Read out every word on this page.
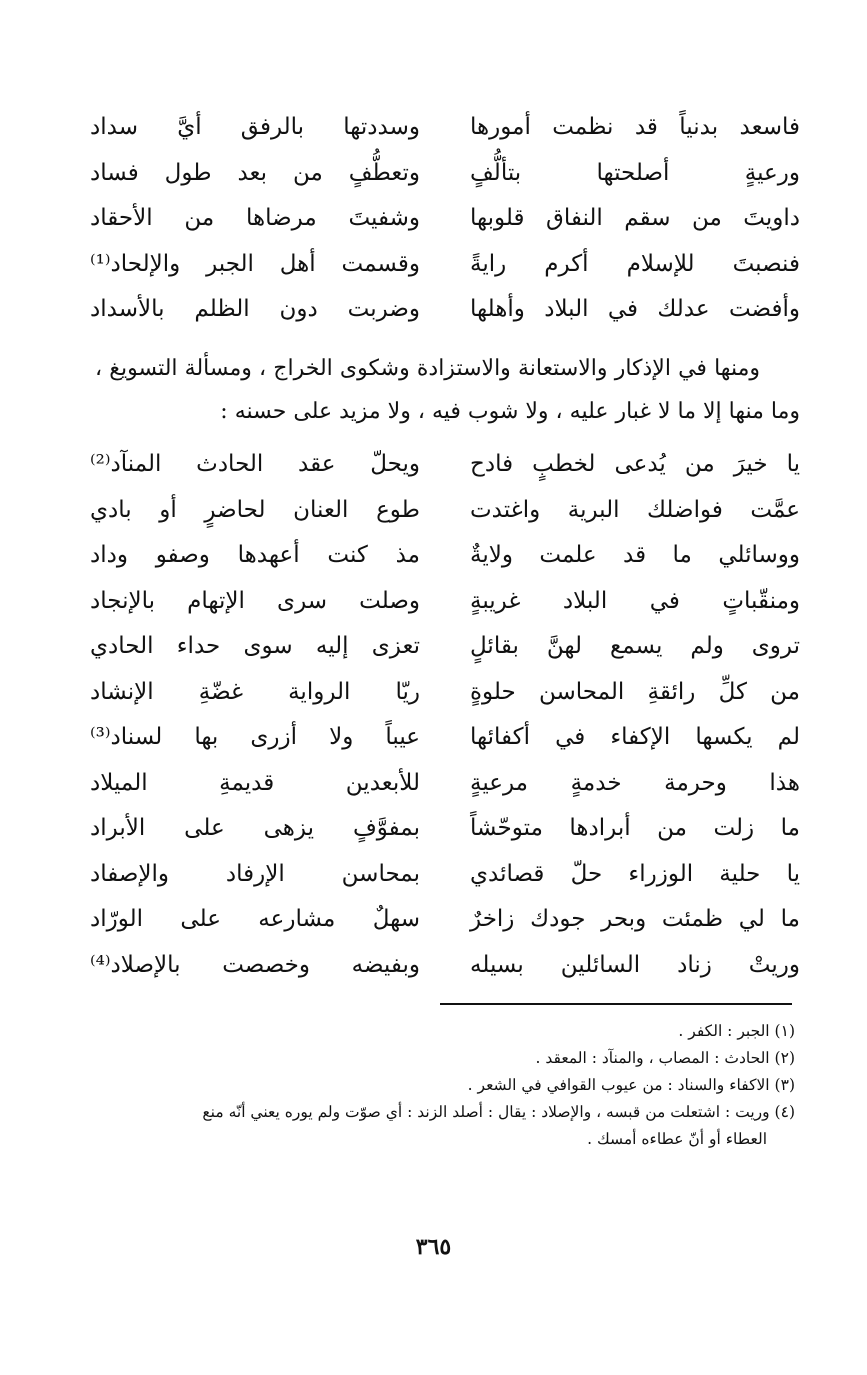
فاسعد بدنياً قد نظمت أمورها
وسددتها بالرفق أيَّ سداد
ورعيةٍ أصلحتها بتألُّفٍ
وتعطُّفٍ من بعد طول فساد
داويتَ من سقم النفاق قلوبها
وشفيتَ مرضاها من الأحقاد
فنصبتَ للإسلام أكرم رايةً
وقسمت أهل الجبر والإلحاد⁽¹⁾
وأفضت عدلك في البلاد وأهلها
وضربت دون الظلم بالأسداد

ومنها في الإذكار والاستعانة والاستزادة وشكوى الخراج ، ومسألة التسويغ ، وما منها إلا ما لا غبار عليه ، ولا شوب فيه ، ولا مزيد على حسنه :

يا خيرَ من يُدعى لخطبٍ فادح
ويحلّ عقد الحادث المنآد⁽²⁾
عمَّت فواضلك البرية واغتدت
طوع العنان لحاضرٍ أو بادي
ووسائلي ما قد علمت ولايةٌ
مذ كنت أعهدها وصفو وداد
ومنقّباتٍ في البلاد غريبةٍ
وصلت سرى الإتهام بالإنجاد
تروى ولم يسمع لهنَّ بقائلٍ
تعزى إليه سوى حداء الحادي
من كلِّ رائقةِ المحاسن حلوةٍ
ريّا الرواية غضّةِ الإنشاد
لم يكسها الإكفاء في أكفائها
عيباً ولا أزرى بها لسناد⁽³⁾
هذا وحرمة خدمةٍ مرعيةٍ
للأبعدين قديمةِ الميلاد
ما زلت من أبرادها متوحّشاً
بمفوَّفٍ يزهى على الأبراد
يا حلية الوزراء حلّ قصائدي
بمحاسن الإرفاد والإصفاد
ما لي ظمئت وبحر جودك زاخرٌ
سهلٌ مشارعه على الورّاد
وريتْ زناد السائلين بسيله
وبفيضه وخصصت بالإصلاد⁽⁴⁾

(١) الجبر : الكفر .

(٢) الحادث : المصاب ، والمنآد : المعقد .

(٣) الاكفاء والسناد : من عيوب القوافي في الشعر .

(٤) وريت : اشتعلت من قبسه ، والإصلاد : يقال : أصلد الزند : أي صوّت ولم يوره يعني أنّه منع
العطاء أو أنّ عطاءه أمسك .

٣٦٥
